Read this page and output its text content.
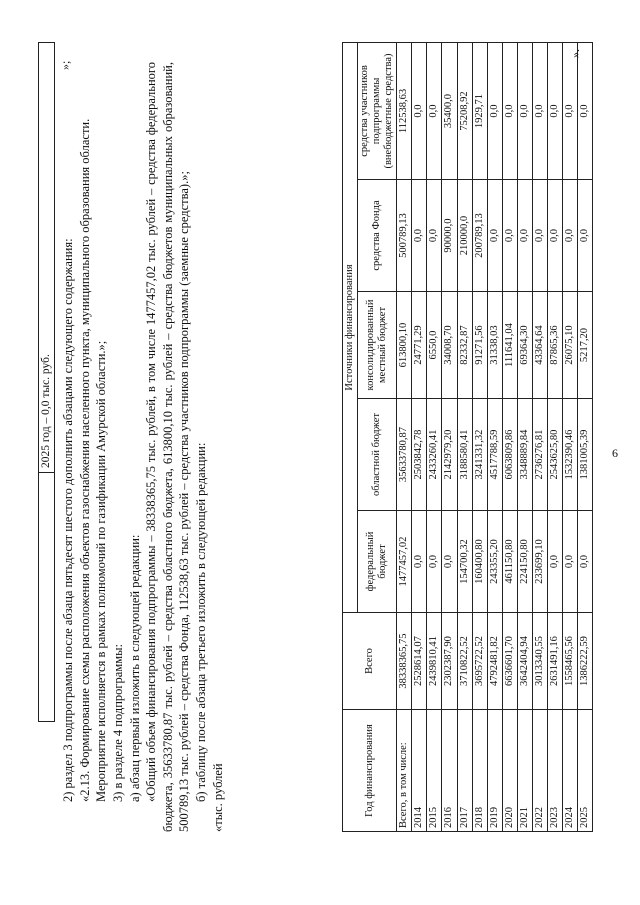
6
	2025 год – 0,0 тыс. руб.
»;

2) раздел 3 подпрограммы после абзаца пятьдесят шестого дополнить абзацами следующего содержания: «2.13. Формирование схемы расположения объектов газоснабжения населенного пункта, муниципального образования области. Мероприятие исполняется в рамках полномочий по газификации Амурской области.»; 3) в разделе 4 подпрограммы: а) абзац первый изложить в следующей редакции: «Общий объем финансирования подпрограммы – 38338365,75 тыс. рублей, в том числе 1477457,02 тыс. рублей – средства федерального бюджета, 35633780,87 тыс. рублей – средства областного бюджета, 613800,10 тыс. рублей – средства бюджетов муниципальных образований, 500789,13 тыс. рублей – средства Фонда, 112538,63 тыс. рублей – средства участников подпрограммы (заемные средства).»; б) таблицу после абзаца третьего изложить в следующей редакции: «тыс. рублей	Год финансирования	Всего	Источники финансирования				
		федеральный бюджет	областной бюджет	консолидированный местный бюджет	средства Фонда	средства участников подпрограммы (внебюджетные средства)
Всего, в том числе:	38338365,75	1477457,02	35633780,87	613800,10	500789,13	112538,63
2014	2528614,07	0,0	2503842,78	24771,29	0,0	0,0
2015	2439810,41	0,0	2433260,41	6550,0	0,0	0,0
2016	2302387,90	0,0	2142979,20	34008,70	90000,0	35400,0
2017	3710822,52	154700,32	3188580,41	82332,87	210000,0	75208,92
2018	3695722,52	160400,80	3241331,32	91271,56	200789,13	1929,71
2019	4792481,82	243355,20	4517788,59	31338,03	0,0	0,0
2020	6636601,70	461150,80	6063809,86	111641,04	0,0	0,0
2021	3642404,94	224150,80	3348889,84	69364,30	0,0	0,0
2022	3013340,55	233699,10	2736276,81	43364,64	0,0	0,0
2023	2631491,16	0,0	2543625,80	87865,36	0,0	0,0
2024	1558465,56	0,0	1532390,46	26075,10	0,0	0,0
2025	1386222,59	0,0	1381005,39	5217,20	0,0	0,0
».
